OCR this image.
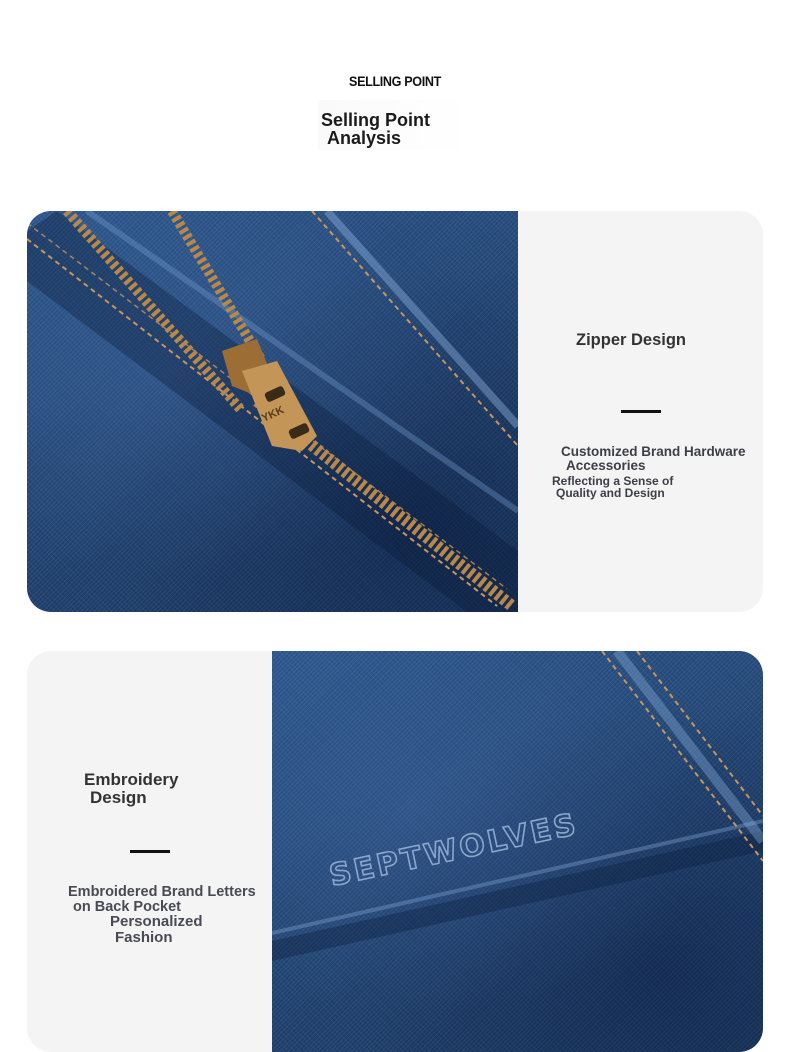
SELLING POINT
Selling Point
Analysis
YKK
Zipper Design
Customized Brand Hardware
Accessories
Reflecting a Sense of
Quality and Design
SEPTWOLVES
Embroidery
Design
Embroidered Brand Letters
on Back Pocket
Personalized
Fashion
